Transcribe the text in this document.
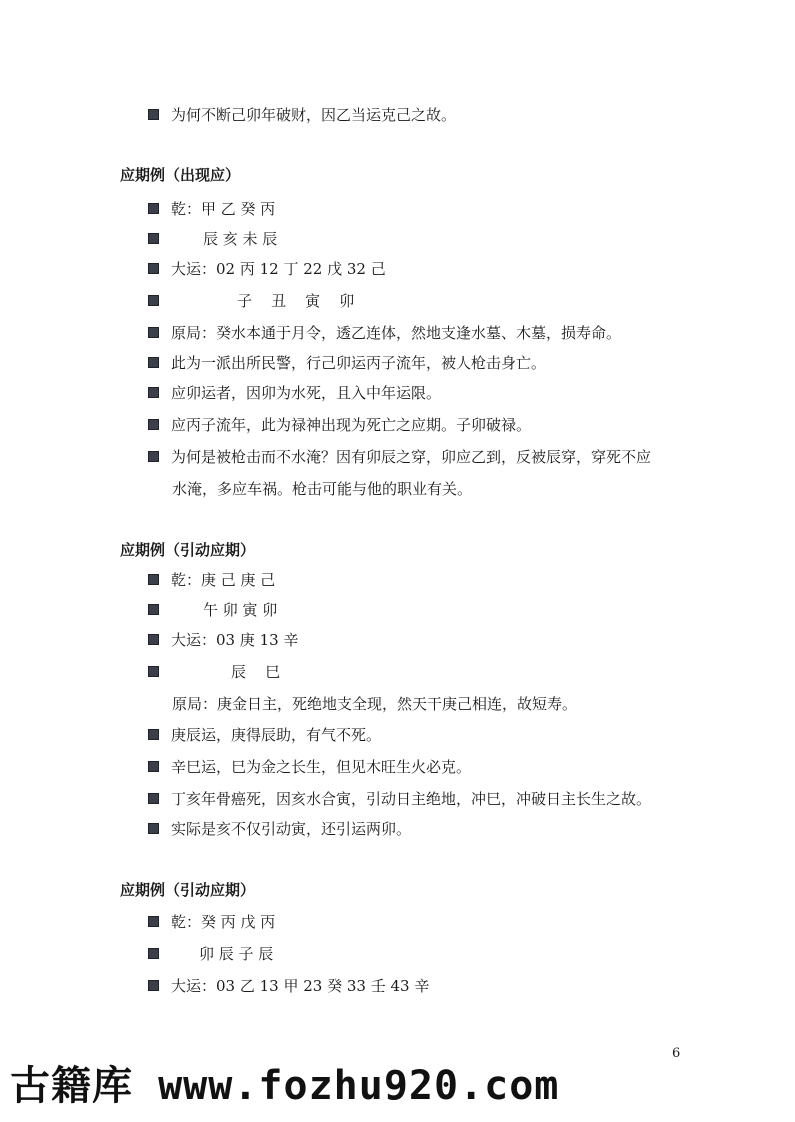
为何不断己卯年破财，因乙当运克己之故。
应期例（出现应）
乾：甲 乙 癸 丙
辰 亥 未 辰
大运：02 丙 12 丁 22 戊 32 己
子    丑    寅    卯
原局：癸水本通于月令，透乙连体，然地支逢水墓、木墓，损寿命。
此为一派出所民警，行己卯运丙子流年，被人枪击身亡。
应卯运者，因卯为水死，且入中年运限。
应丙子流年，此为禄神出现为死亡之应期。子卯破禄。
为何是被枪击而不水淹？因有卯辰之穿，卯应乙到，反被辰穿，穿死不应
水淹，多应车祸。枪击可能与他的职业有关。
应期例（引动应期）
乾：庚 己 庚 己
午 卯 寅 卯
大运：03 庚 13 辛
辰    巳
原局：庚金日主，死绝地支全现，然天干庚己相连，故短寿。
庚辰运，庚得辰助，有气不死。
辛巳运，巳为金之长生，但见木旺生火必克。
丁亥年骨癌死，因亥水合寅，引动日主绝地，冲巳，冲破日主长生之故。
实际是亥不仅引动寅，还引运两卯。
应期例（引动应期）
乾：癸 丙 戊 丙
卯 辰 子 辰
大运：03 乙 13 甲 23 癸 33 壬 43 辛
6
古籍库 www.fozhu920.com
